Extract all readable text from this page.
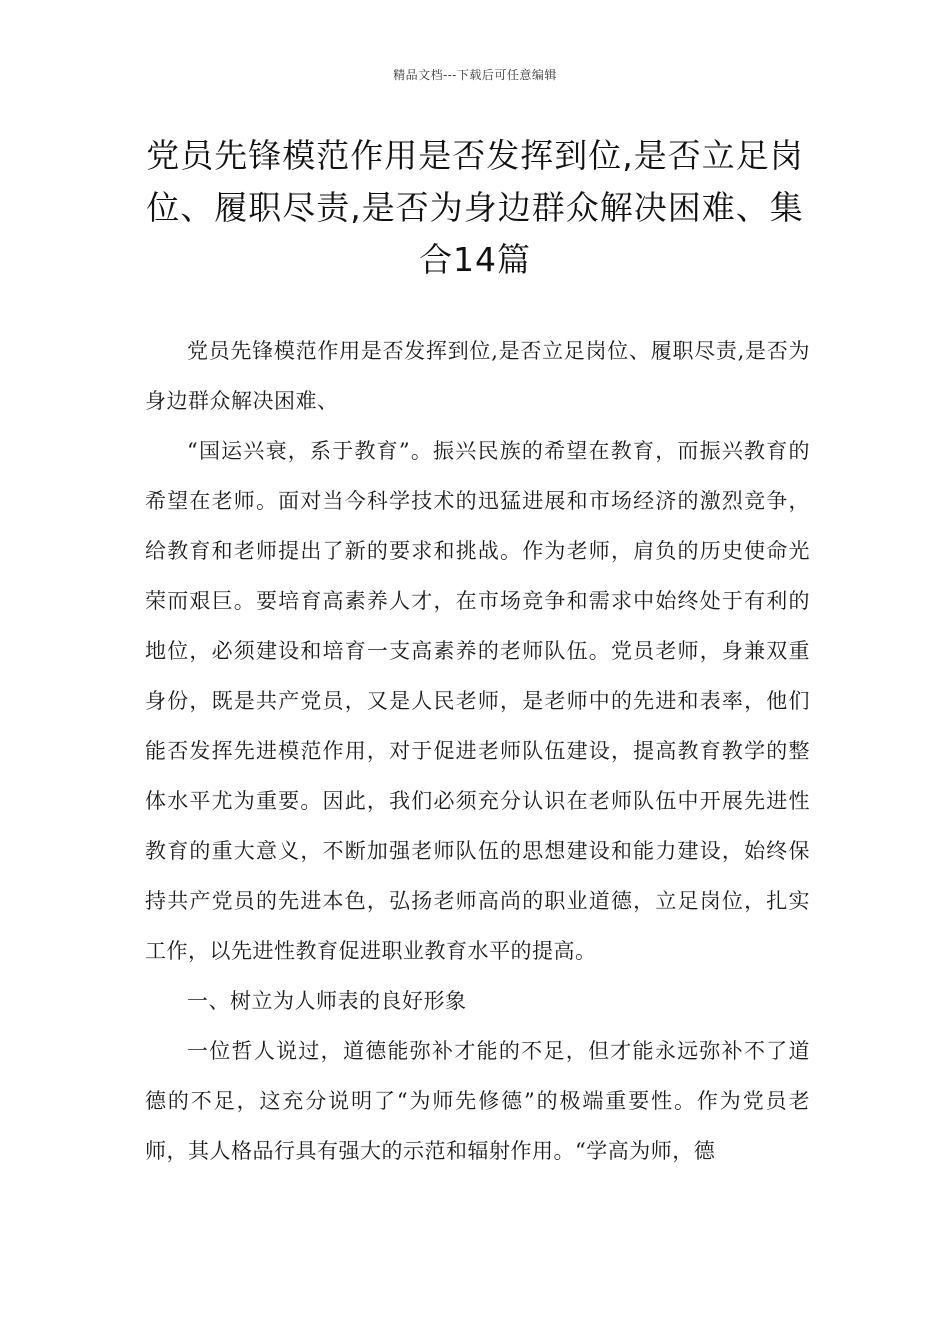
精品文档---下载后可任意编辑
党员先锋模范作用是否发挥到位,是否立足岗位、履职尽责,是否为身边群众解决困难、集合14篇

党员先锋模范作用是否发挥到位,是否立足岗位、履职尽责,是否为身边群众解决困难、

“国运兴衰，系于教育”。振兴民族的希望在教育，而振兴教育的希望在老师。面对当今科学技术的迅猛进展和市场经济的激烈竞争，给教育和老师提出了新的要求和挑战。作为老师，肩负的历史使命光荣而艰巨。要培育高素养人才，在市场竞争和需求中始终处于有利的地位，必须建设和培育一支高素养的老师队伍。党员老师，身兼双重身份，既是共产党员，又是人民老师，是老师中的先进和表率，他们能否发挥先进模范作用，对于促进老师队伍建设，提高教育教学的整体水平尤为重要。因此，我们必须充分认识在老师队伍中开展先进性教育的重大意义，不断加强老师队伍的思想建设和能力建设，始终保持共产党员的先进本色，弘扬老师高尚的职业道德，立足岗位，扎实工作，以先进性教育促进职业教育水平的提高。

一、树立为人师表的良好形象

一位哲人说过，道德能弥补才能的不足，但才能永远弥补不了道德的不足，这充分说明了“为师先修德”的极端重要性。作为党员老师，其人格品行具有强大的示范和辐射作用。“学高为师，德
